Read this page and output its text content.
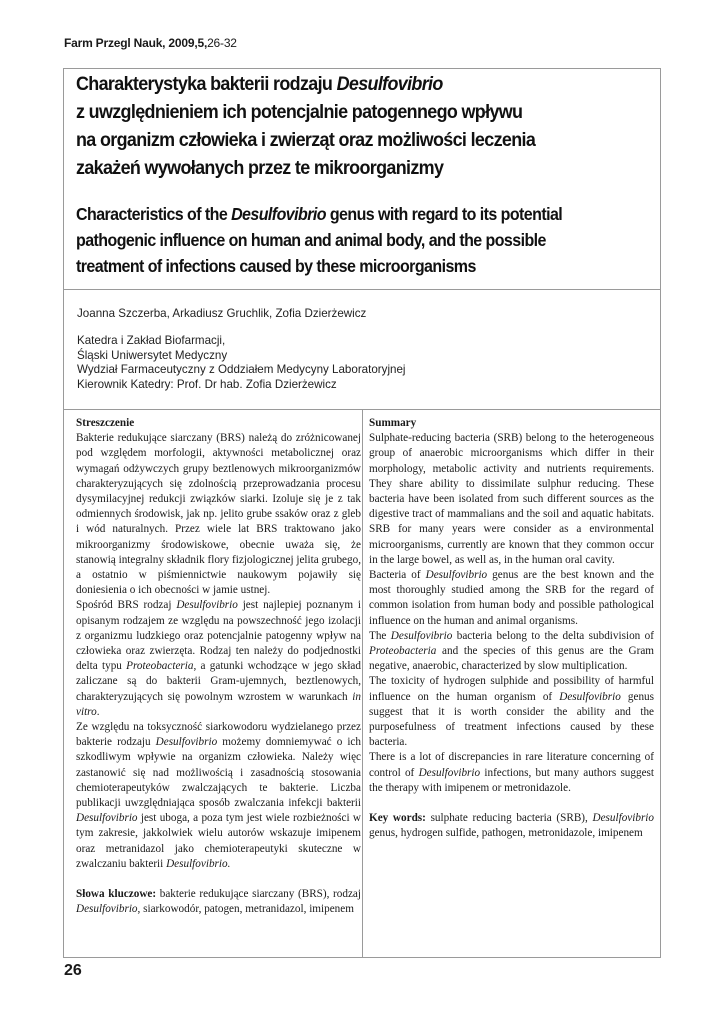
Farm Przegl Nauk, 2009,5,26-32
Charakterystyka bakterii rodzaju Desulfovibrio
z uwzględnieniem ich potencjalnie patogennego wpływu
na organizm człowieka i zwierząt oraz możliwości leczenia
zakażeń wywołanych przez te mikroorganizmy
Characteristics of the Desulfovibrio genus with regard to its potential
pathogenic influence on human and animal body, and the possible
treatment of infections caused by these microorganisms
Joanna Szczerba, Arkadiusz Gruchlik, Zofia Dzierżewicz
Katedra i Zakład Biofarmacji,
Śląski Uniwersytet Medyczny
Wydział Farmaceutyczny z Oddziałem Medycyny Laboratoryjnej
Kierownik Katedry: Prof. Dr hab. Zofia Dzierżewicz
Streszczenie
Bakterie redukujące siarczany (BRS) należą do zróżnicowanej pod względem morfologii, aktywności metabolicznej oraz wymagań odżywczych grupy beztlenowych mikroorganizmów charakteryzujących się zdolnością przeprowadzania procesu dysymilacyjnej redukcji związków siarki. Izoluje się je z tak odmiennych środowisk, jak np. jelito grube ssaków oraz z gleb i wód naturalnych. Przez wiele lat BRS traktowano jako mikroorganizmy środowiskowe, obecnie uważa się, że stanowią integralny składnik flory fizjologicznej jelita grubego, a ostatnio w piśmiennictwie naukowym pojawiły się doniesienia o ich obecności w jamie ustnej.
Spośród BRS rodzaj Desulfovibrio jest najlepiej poznanym i opisanym rodzajem ze względu na powszechność jego izolacji z organizmu ludzkiego oraz potencjalnie patogenny wpływ na człowieka oraz zwierzęta. Rodzaj ten należy do podjednostki delta typu Proteobacteria, a gatunki wchodzące w jego skład zaliczane są do bakterii Gram-ujemnych, beztlenowych, charakteryzujących się powolnym wzrostem w warunkach in vitro.
Ze względu na toksyczność siarkowodoru wydzielanego przez bakterie rodzaju Desulfovibrio możemy domniemywać o ich szkodliwym wpływie na organizm człowieka. Należy więc zastanowić się nad możliwością i zasadnością stosowania chemioterapeutyków zwalczających te bakterie. Liczba publikacji uwzględniająca sposób zwalczania infekcji bakterii Desulfovibrio jest uboga, a poza tym jest wiele rozbieżności w tym zakresie, jakkolwiek wielu autorów wskazuje imipenem oraz metranidazol jako chemioterapeutyki skuteczne w zwalczaniu bakterii Desulfovibrio.
Słowa kluczowe: bakterie redukujące siarczany (BRS), rodzaj Desulfovibrio, siarkowodór, patogen, metranidazol, imipenem
Summary
Sulphate-reducing bacteria (SRB) belong to the heterogeneous group of anaerobic microorganisms which differ in their morphology, metabolic activity and nutrients requirements. They share ability to dissimilate sulphur reducing. These bacteria have been isolated from such different sources as the digestive tract of mammalians and the soil and aquatic habitats. SRB for many years were consider as a environmental microorganisms, currently are known that they common occur in the large bowel, as well as, in the human oral cavity.
Bacteria of Desulfovibrio genus are the best known and the most thoroughly studied among the SRB for the regard of common isolation from human body and possible pathological influence on the human and animal organisms.
The Desulfovibrio bacteria belong to the delta subdivision of Proteobacteria and the species of this genus are the Gram negative, anaerobic, characterized by slow multiplication.
The toxicity of hydrogen sulphide and possibility of harmful influence on the human organism of Desulfovibrio genus suggest that it is worth consider the ability and the purposefulness of treatment infections caused by these bacteria.
There is a lot of discrepancies in rare literature concerning of control of Desulfovibrio infections, but many authors suggest the therapy with imipenem or metronidazole.
Key words: sulphate reducing bacteria (SRB), Desulfovibrio genus, hydrogen sulfide, pathogen, metronidazole, imipenem
26
